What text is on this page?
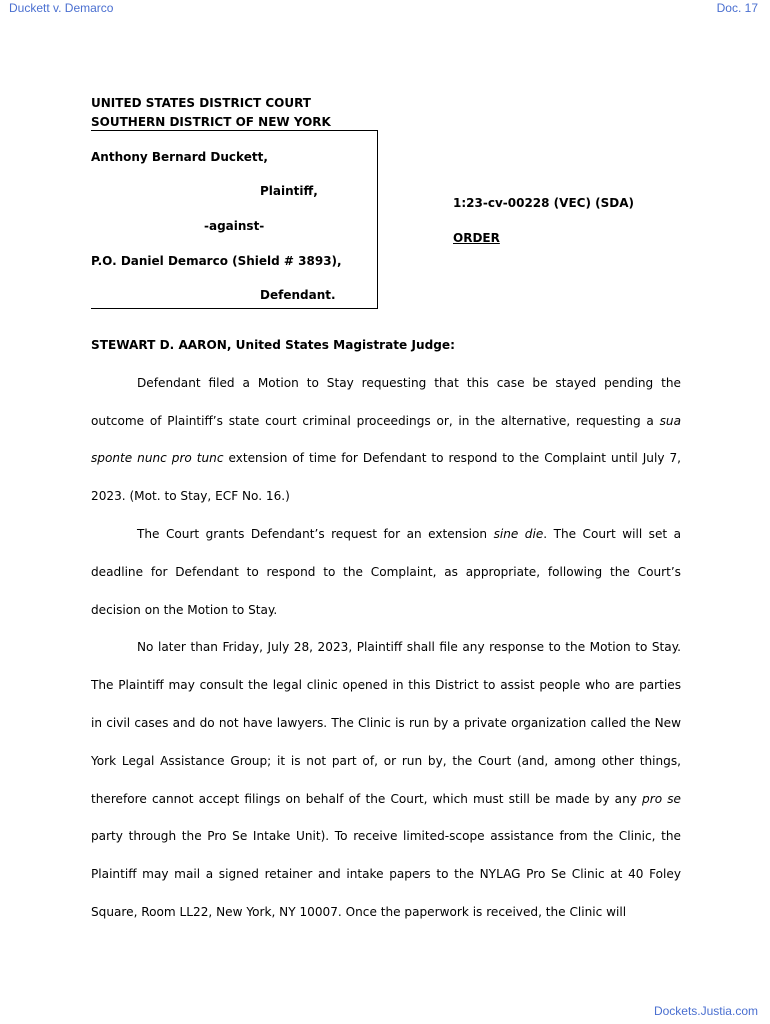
Duckett v. Demarco	Doc. 17
UNITED STATES DISTRICT COURT
SOUTHERN DISTRICT OF NEW YORK
Anthony Bernard Duckett,
Plaintiff,
-against-
P.O. Daniel Demarco (Shield # 3893),
Defendant.
1:23-cv-00228 (VEC) (SDA)
ORDER

STEWART D. AARON, United States Magistrate Judge:

Defendant filed a Motion to Stay requesting that this case be stayed pending the outcome of Plaintiff’s state court criminal proceedings or, in the alternative, requesting a sua sponte nunc pro tunc extension of time for Defendant to respond to the Complaint until July 7, 2023. (Mot. to Stay, ECF No. 16.)

The Court grants Defendant’s request for an extension sine die. The Court will set a deadline for Defendant to respond to the Complaint, as appropriate, following the Court’s decision on the Motion to Stay.

No later than Friday, July 28, 2023, Plaintiff shall file any response to the Motion to Stay. The Plaintiff may consult the legal clinic opened in this District to assist people who are parties in civil cases and do not have lawyers. The Clinic is run by a private organization called the New York Legal Assistance Group; it is not part of, or run by, the Court (and, among other things, therefore cannot accept filings on behalf of the Court, which must still be made by any pro se party through the Pro Se Intake Unit). To receive limited-scope assistance from the Clinic, the Plaintiff may mail a signed retainer and intake papers to the NYLAG Pro Se Clinic at 40 Foley Square, Room LL22, New York, NY 10007. Once the paperwork is received, the Clinic will

Dockets.Justia.com
